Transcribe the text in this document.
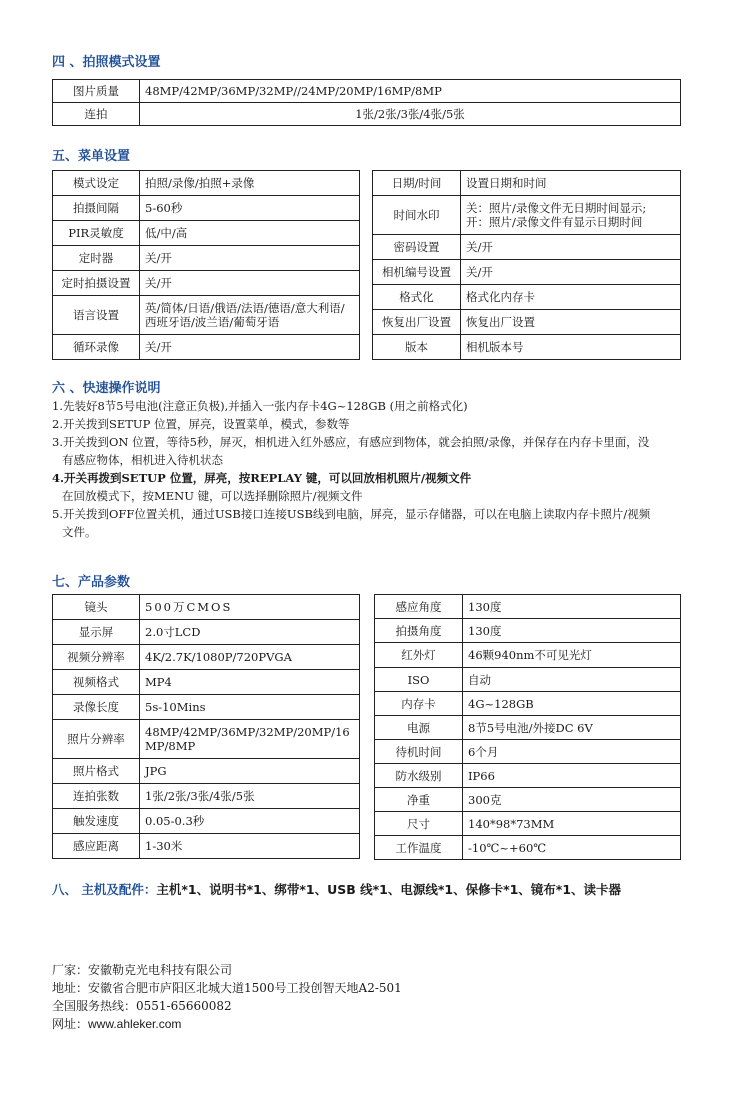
四 、拍照模式设置
图片质量	48MP/42MP/36MP/32MP//24MP/20MP/16MP/8MP
连拍	1张/2张/3张/4张/5张
五、菜单设置
模式设定	拍照/录像/拍照+录像
拍摄间隔	5-60秒
PIR灵敏度	低/中/高
定时器	关/开
定时拍摄设置	关/开
语言设置	英/简体/日语/俄语/法语/德语/意大利语/
西班牙语/波兰语/葡萄牙语

循环录像	关/开
日期/时间	设置日期和时间
时间水印	关：照片/录像文件无日期时间显示;
开：照片/录像文件有显示日期时间

密码设置	关/开
相机编号设置	关/开
格式化	格式化内存卡
恢复出厂设置	恢复出厂设置
版本	相机版本号
六 、快速操作说明
1.先装好8节5号电池(注意正负极),并插入一张内存卡4G~128GB (用之前格式化)
2.开关拨到SETUP 位置，屏亮，设置菜单，模式，参数等
3.开关拨到ON 位置，等待5秒，屏灭，相机进入红外感应，有感应到物体，就会拍照/录像，并保存在内存卡里面，没
有感应物体，相机进入待机状态
4.开关再拨到SETUP 位置，屏亮，按REPLAY 键，可以回放相机照片/视频文件
在回放模式下，按MENU 键，可以选择删除照片/视频文件
5.开关拨到OFF位置关机，通过USB接口连接USB线到电脑，屏亮，显示存储器，可以在电脑上读取内存卡照片/视频
文件。
七、产品参数
镜头	500万CMOS
显示屏	2.0寸LCD
视频分辨率	4K/2.7K/1080P/720PVGA
视频格式	MP4
录像长度	5s-10Mins
照片分辨率	48MP/42MP/36MP/32MP/20MP/16
MP/8MP

照片格式	JPG
连拍张数	1张/2张/3张/4张/5张
触发速度	0.05-0.3秒
感应距离	1-30米
感应角度	130度
拍摄角度	130度
红外灯	46颗940nm不可见光灯
ISO	自动
内存卡	4G~128GB
电源	8节5号电池/外接DC 6V
待机时间	6个月
防水级别	IP66
净重	300克
尺寸	140*98*73MM
工作温度	-10℃~+60℃
八、 主机及配件：主机*1、说明书*1、绑带*1、USB 线*1、电源线*1、保修卡*1、镜布*1、读卡器
厂家：安徽勒克光电科技有限公司
地址：安徽省合肥市庐阳区北城大道1500号工投创智天地A2-501
全国服务热线：0551-65660082
网址：www.ahleker.com
